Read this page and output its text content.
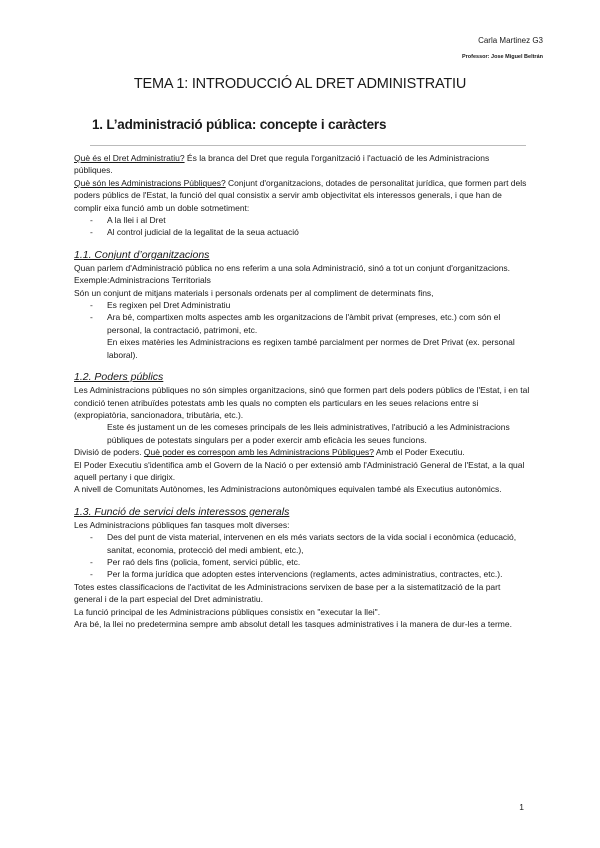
Carla Martinez G3
Professor: Jose Miguel Beltrán
TEMA 1: INTRODUCCIÓ AL DRET ADMINISTRATIU
1. L’administració pública: concepte i caràcters

Què és el Dret Administratiu? És la branca del Dret que regula l'organització i l'actuació de les Administracions públiques.

Què són les Administracions Públiques? Conjunt d'organitzacions, dotades de personalitat jurídica, que formen part dels poders públics de l'Estat, la funció del qual consistix a servir amb objectivitat els interessos generals, i que han de complir eixa funció amb un doble sotmetiment:

- A la llei i al Dret
- Al control judicial de la legalitat de la seua actuació

1.1. Conjunt d’organitzacions

Quan parlem d'Administració pública no ens referim a una sola Administració, sinó a tot un conjunt d'organitzacions. Exemple:Administracions Territorials

Són un conjunt de mitjans materials i personals ordenats per al compliment de determinats fins,

- Es regixen pel Dret Administratiu
- Ara bé, compartixen molts aspectes amb les organitzacions de l'àmbit privat (empreses, etc.) com són el personal, la contractació, patrimoni, etc.

En eixes matèries les Administracions es regixen també parcialment per normes de Dret Privat (ex. personal laboral).

1.2. Poders públics

Les Administracions públiques no són simples organitzacions, sinó que formen part dels poders públics de l'Estat, i en tal condició tenen atribuïdes potestats amb les quals no compten els particulars en les seues relacions entre si (expropiatòria, sancionadora, tributària, etc.).

Este és justament un de les comeses principals de les lleis administratives, l'atribució a les Administracions públiques de potestats singulars per a poder exercir amb eficàcia les seues funcions.

Divisió de poders. Què poder es correspon amb les Administracions Públiques? Amb el Poder Executiu.

El Poder Executiu s'identifica amb el Govern de la Nació o per extensió amb l'Administració General de l'Estat, a la qual aquell pertany i que dirigix.

A nivell de Comunitats Autònomes, les Administracions autonòmiques equivalen també als Executius autonòmics.

1.3. Funció de servici dels interessos generals

Les Administracions públiques fan tasques molt diverses:

- Des del punt de vista material, intervenen en els més variats sectors de la vida social i econòmica (educació, sanitat, economia, protecció del medi ambient, etc.),
- Per raó dels fins (policia, foment, servici públic, etc.
- Per la forma jurídica que adopten estes intervencions (reglaments, actes administratius, contractes, etc.).

Totes estes classificacions de l'activitat de les Administracions servixen de base per a la sistematització de la part general i de la part especial del Dret administratiu.

La funció principal de les Administracions públiques consistix en "executar la llei".

Ara bé, la llei no predetermina sempre amb absolut detall les tasques administratives i la manera de dur-les a terme.

1
